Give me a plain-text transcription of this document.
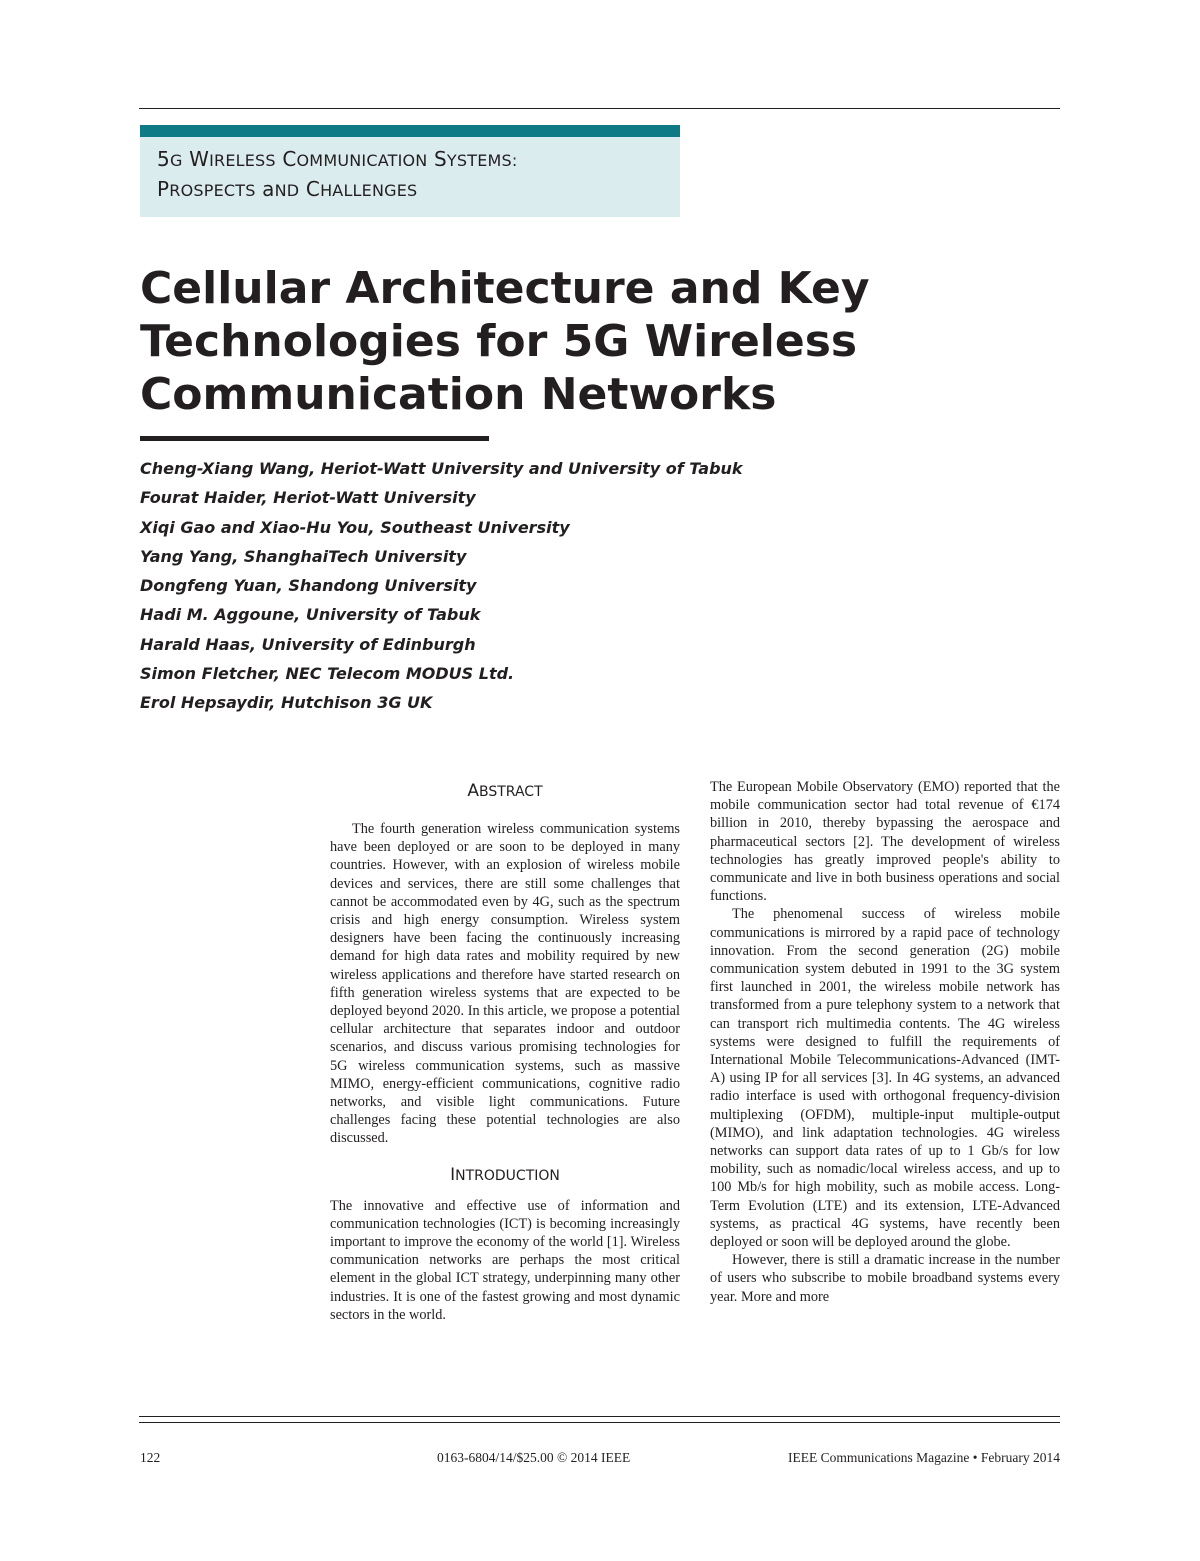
5G WIRELESS COMMUNICATION SYSTEMS:
PROSPECTS aND CHALLENGES
Cellular Architecture and Key
Technologies for 5G Wireless
Communication Networks
Cheng-Xiang Wang, Heriot-Watt University and University of Tabuk
Fourat Haider, Heriot-Watt University
Xiqi Gao and Xiao-Hu You, Southeast University
Yang Yang, ShanghaiTech University
Dongfeng Yuan, Shandong University
Hadi M. Aggoune, University of Tabuk
Harald Haas, University of Edinburgh
Simon Fletcher, NEC Telecom MODUS Ltd.
Erol Hepsaydir, Hutchison 3G UK
ABSTRACT

The fourth generation wireless communication systems have been deployed or are soon to be deployed in many countries. However, with an explosion of wireless mobile devices and services, there are still some challenges that cannot be accommodated even by 4G, such as the spectrum crisis and high energy consumption. Wireless system designers have been facing the continuously increasing demand for high data rates and mobility required by new wireless applications and therefore have started research on fifth generation wireless systems that are expected to be deployed beyond 2020. In this article, we propose a potential cellular architecture that separates indoor and outdoor scenarios, and discuss various promising technologies for 5G wireless communication systems, such as massive MIMO, energy-efficient communications, cognitive radio networks, and visible light communications. Future challenges facing these potential technologies are also discussed.

INTRODUCTION

The innovative and effective use of information and communication technologies (ICT) is becoming increasingly important to improve the economy of the world [1]. Wireless communication networks are perhaps the most critical element in the global ICT strategy, underpinning many other industries. It is one of the fastest growing and most dynamic sectors in the world.

The European Mobile Observatory (EMO) reported that the mobile communication sector had total revenue of €174 billion in 2010, thereby bypassing the aerospace and pharmaceutical sectors [2]. The development of wireless technologies has greatly improved people's ability to communicate and live in both business operations and social functions.

The phenomenal success of wireless mobile communications is mirrored by a rapid pace of technology innovation. From the second generation (2G) mobile communication system debuted in 1991 to the 3G system first launched in 2001, the wireless mobile network has transformed from a pure telephony system to a network that can transport rich multimedia contents. The 4G wireless systems were designed to fulfill the requirements of International Mobile Telecommunications-Advanced (IMT-A) using IP for all services [3]. In 4G systems, an advanced radio interface is used with orthogonal frequency-division multiplexing (OFDM), multiple-input multiple-output (MIMO), and link adaptation technologies. 4G wireless networks can support data rates of up to 1 Gb/s for low mobility, such as nomadic/local wireless access, and up to 100 Mb/s for high mobility, such as mobile access. Long-Term Evolution (LTE) and its extension, LTE-Advanced systems, as practical 4G systems, have recently been deployed or soon will be deployed around the globe.

However, there is still a dramatic increase in the number of users who subscribe to mobile broadband systems every year. More and more

122	0163-6804/14/$25.00 © 2014 IEEE	IEEE Communications Magazine • February 2014
